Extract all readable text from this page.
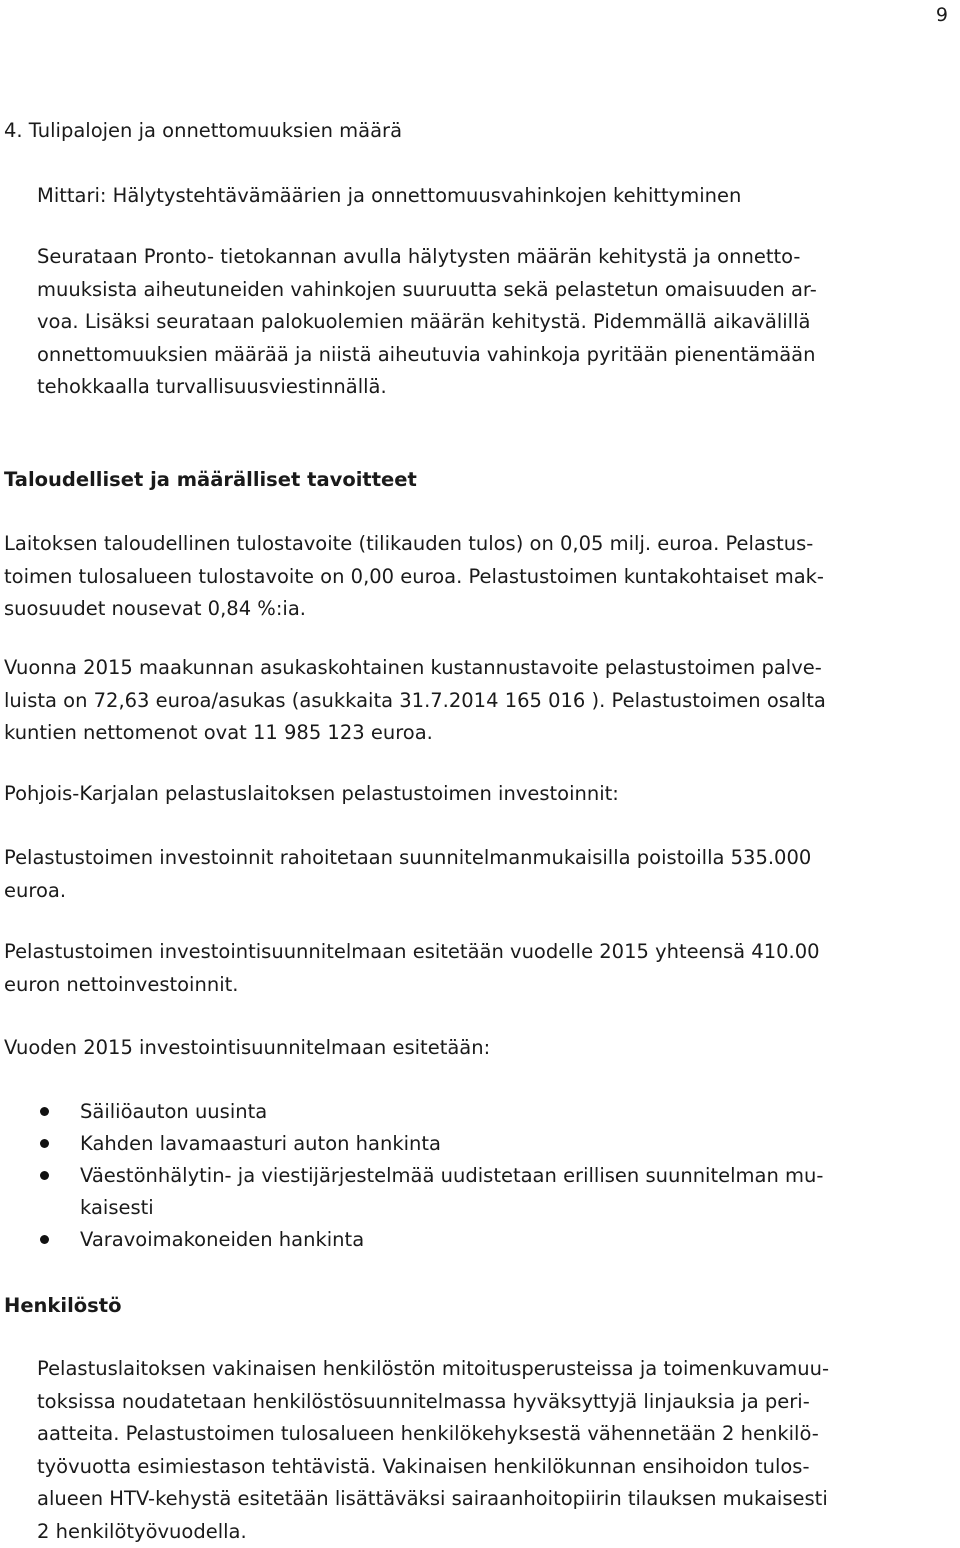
9
4. Tulipalojen ja onnettomuuksien määrä
Mittari: Hälytystehtävämäärien ja onnettomuusvahinkojen kehittyminen

Seurataan Pronto- tietokannan avulla hälytysten määrän kehitystä ja onnetto-

muuksista aiheutuneiden vahinkojen suuruutta sekä pelastetun omaisuuden ar-

voa. Lisäksi seurataan palokuolemien määrän kehitystä. Pidemmällä aikavälillä

onnettomuuksien määrää ja niistä aiheutuvia vahinkoja pyritään pienentämään

tehokkaalla turvallisuusviestinnällä.

Taloudelliset ja määrälliset tavoitteet

Laitoksen taloudellinen tulostavoite (tilikauden tulos) on 0,05 milj. euroa. Pelastus-

toimen tulosalueen tulostavoite on 0,00 euroa. Pelastustoimen kuntakohtaiset mak-

suosuudet nousevat 0,84 %:ia.

Vuonna 2015 maakunnan asukaskohtainen kustannustavoite pelastustoimen palve-

luista on 72,63 euroa/asukas (asukkaita 31.7.2014 165 016 ). Pelastustoimen osalta

kuntien nettomenot ovat 11 985 123 euroa.

Pohjois-Karjalan pelastuslaitoksen pelastustoimen investoinnit:

Pelastustoimen investoinnit rahoitetaan suunnitelmanmukaisilla poistoilla 535.000

euroa.

Pelastustoimen investointisuunnitelmaan esitetään vuodelle 2015 yhteensä 410.00

euron nettoinvestoinnit.

Vuoden 2015 investointisuunnitelmaan esitetään:
Säiliöauton uusinta
Kahden lavamaasturi auton hankinta
Väestönhälytin- ja viestijärjestelmää uudistetaan erillisen suunnitelman mu-
kaisesti
Varavoimakoneiden hankinta
Henkilöstö

Pelastuslaitoksen vakinaisen henkilöstön mitoitusperusteissa ja toimenkuvamuu-

toksissa noudatetaan henkilöstösuunnitelmassa hyväksyttyjä linjauksia ja peri-

aatteita. Pelastustoimen tulosalueen henkilökehyksestä vähennetään 2 henkilö-

työvuotta esimiestason tehtävistä. Vakinaisen henkilökunnan ensihoidon tulos-

alueen HTV-kehystä esitetään lisättäväksi sairaanhoitopiirin tilauksen mukaisesti

2 henkilötyövuodella.
